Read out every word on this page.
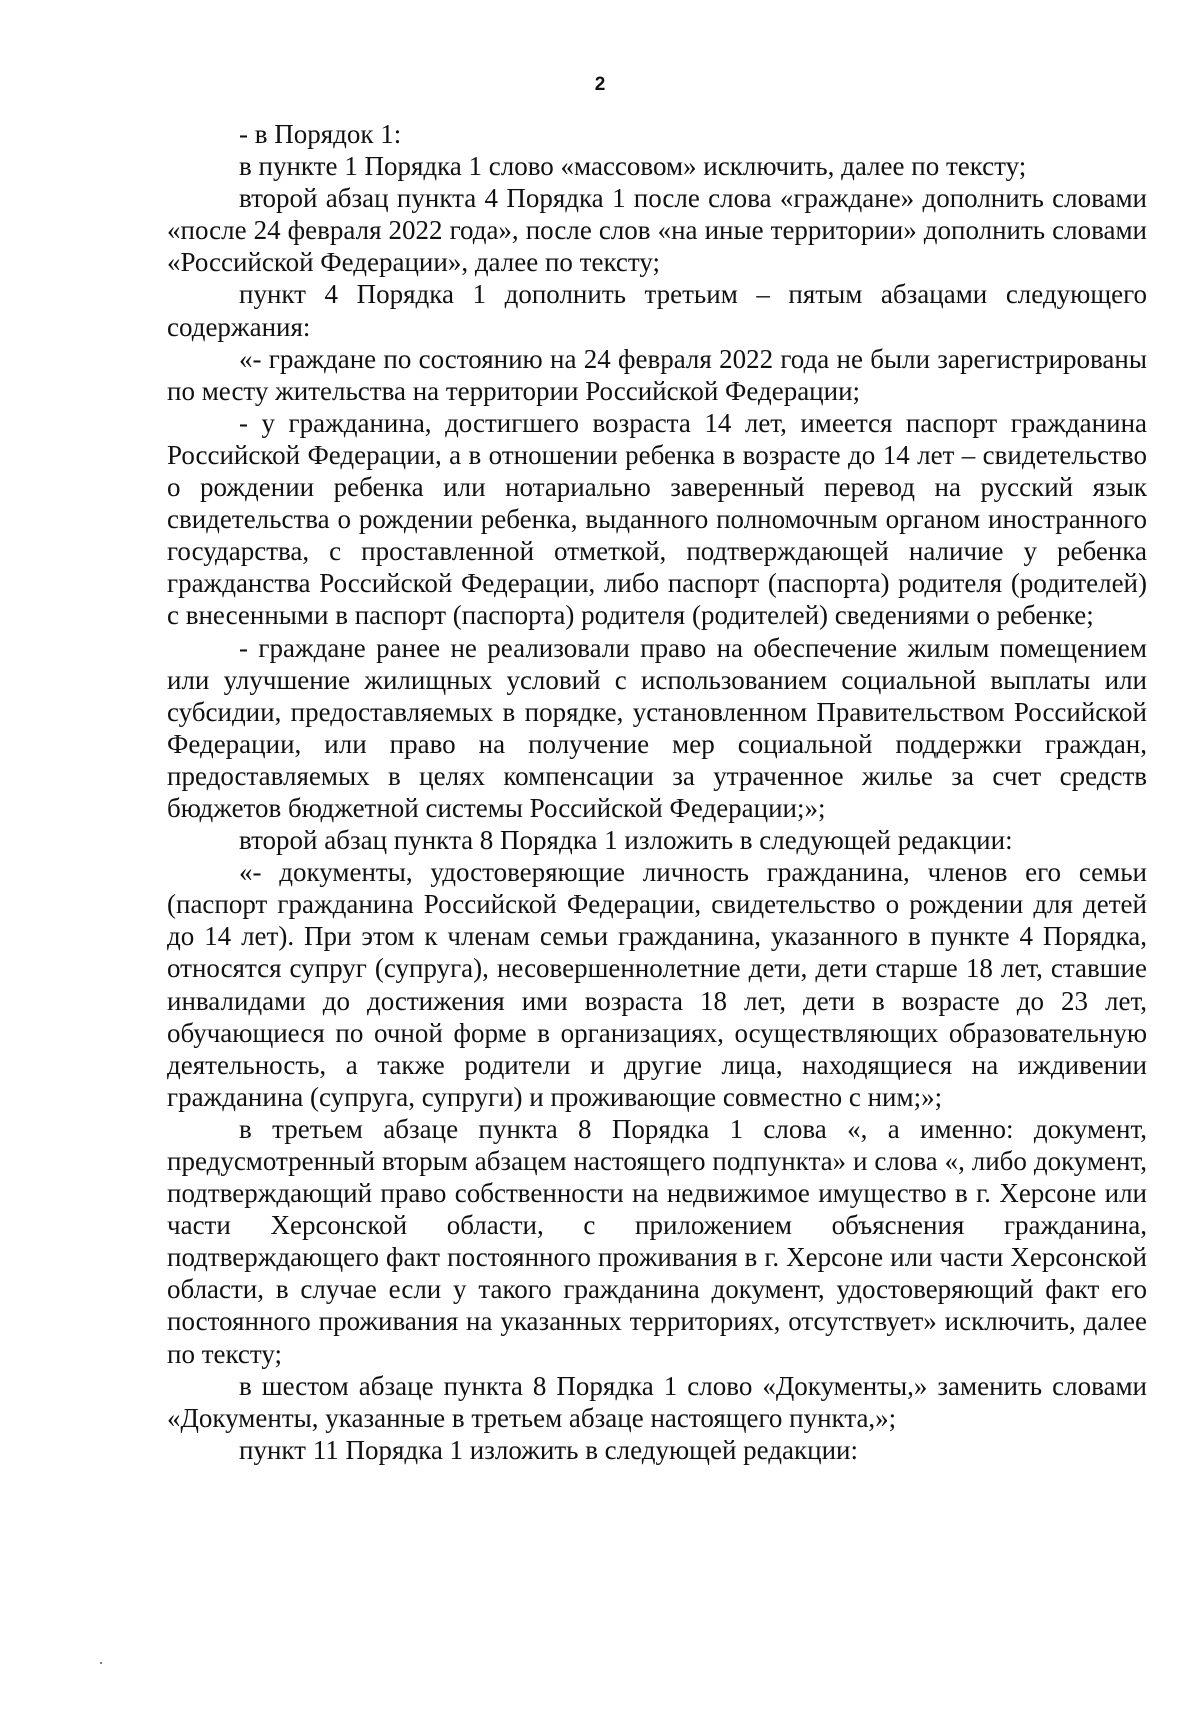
2

- в Порядок 1:

в пункте 1 Порядка 1 слово «массовом» исключить, далее по тексту;

второй абзац пункта 4 Порядка 1 после слова «граждане» дополнить словами «после 24 февраля 2022 года», после слов «на иные территории» дополнить словами «Российской Федерации», далее по тексту;

пункт 4 Порядка 1 дополнить третьим – пятым абзацами следующего содержания:

«- граждане по состоянию на 24 февраля 2022 года не были зарегистрированы по месту жительства на территории Российской Федерации;

- у гражданина, достигшего возраста 14 лет, имеется паспорт гражданина Российской Федерации, а в отношении ребенка в возрасте до 14 лет – свидетельство о рождении ребенка или нотариально заверенный перевод на русский язык свидетельства о рождении ребенка, выданного полномочным органом иностранного государства, с проставленной отметкой, подтверждающей наличие у ребенка гражданства Российской Федерации, либо паспорт (паспорта) родителя (родителей) с внесенными в паспорт (паспорта) родителя (родителей) сведениями о ребенке;

- граждане ранее не реализовали право на обеспечение жилым помещением или улучшение жилищных условий с использованием социальной выплаты или субсидии, предоставляемых в порядке, установленном Правительством Российской Федерации, или право на получение мер социальной поддержки граждан, предоставляемых в целях компенсации за утраченное жилье за счет средств бюджетов бюджетной системы Российской Федерации;»;

второй абзац пункта 8 Порядка 1 изложить в следующей редакции:

«- документы, удостоверяющие личность гражданина, членов его семьи (паспорт гражданина Российской Федерации, свидетельство о рождении для детей до 14 лет). При этом к членам семьи гражданина, указанного в пункте 4 Порядка, относятся супруг (супруга), несовершеннолетние дети, дети старше 18 лет, ставшие инвалидами до достижения ими возраста 18 лет, дети в возрасте до 23 лет, обучающиеся по очной форме в организациях, осуществляющих образовательную деятельность, а также родители и другие лица, находящиеся на иждивении гражданина (супруга, супруги) и проживающие совместно с ним;»;

в третьем абзаце пункта 8 Порядка 1 слова «, а именно: документ, предусмотренный вторым абзацем настоящего подпункта» и слова «, либо документ, подтверждающий право собственности на недвижимое имущество в г. Херсоне или части Херсонской области, с приложением объяснения гражданина, подтверждающего факт постоянного проживания в г. Херсоне или части Херсонской области, в случае если у такого гражданина документ, удостоверяющий факт его постоянного проживания на указанных территориях, отсутствует» исключить, далее по тексту;

в шестом абзаце пункта 8 Порядка 1 слово «Документы,» заменить словами «Документы, указанные в третьем абзаце настоящего пункта,»;

пункт 11 Порядка 1 изложить в следующей редакции:
